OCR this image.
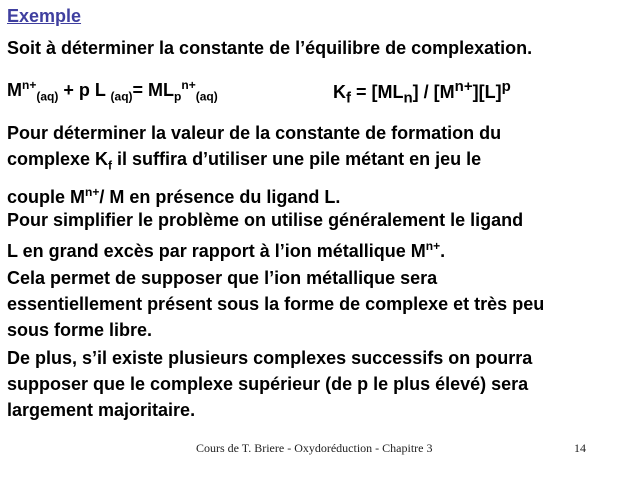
Exemple
Soit à déterminer la constante de l’équilibre de complexation.
$M^{n+}_{(aq)} + p$ L $_{(aq)}= ML_p^{n+}_{(aq)}$	$K_f = [ML_n] / [M^{n+}][L]^p$
Pour déterminer la valeur de la constante de formation du
complexe $K_f$ il suffira d’utiliser une pile métant en jeu le
couple $M^{n+}/$ M en présence du ligand L.
Pour simplifier le problème on utilise généralement le ligand
L en grand excès par rapport à l’ion métallique $M^{n+}$.
Cela permet de supposer que l’ion métallique sera
essentiellement présent sous la forme de complexe et très peu
sous forme libre.
De plus, s’il existe plusieurs complexes successifs on pourra
supposer que le complexe supérieur (de p le plus élevé) sera
largement majoritaire.
Cours de T. Briere - Oxydoréduction - Chapitre 3	14
